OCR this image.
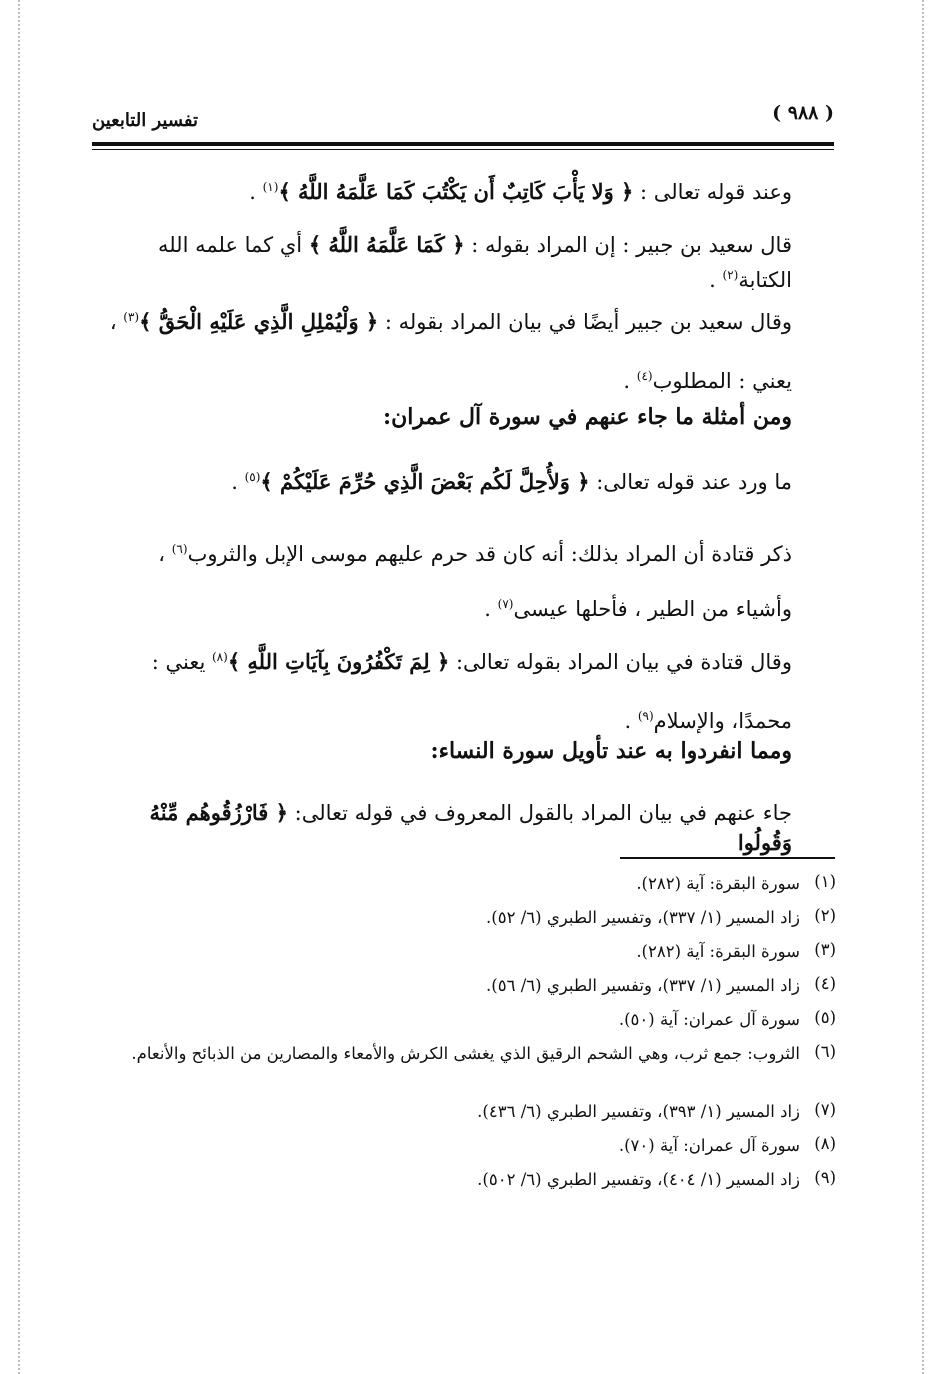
تفسير التابعين	( ٩٨٨ )
وعند قوله تعالى : ﴿ وَلا يَأْبَ كَاتِبٌ أَن يَكْتُبَ كَمَا عَلَّمَهُ اللَّهُ ﴾$^{(١)}$ .
قال سعيد بن جبير : إن المراد بقوله : ﴿ كَمَا عَلَّمَهُ اللَّهُ ﴾ أي كما علمه الله الكتابة$^{(٢)}$ .
وقال سعيد بن جبير أيضًا في بيان المراد بقوله : ﴿ وَلْيُمْلِلِ الَّذِي عَلَيْهِ الْحَقُّ ﴾$^{(٣)}$ ، يعني : المطلوب$^{(٤)}$ .
ومن أمثلة ما جاء عنهم في سورة آل عمران:
ما ورد عند قوله تعالى: ﴿ وَلأُحِلَّ لَكُم بَعْضَ الَّذِي حُرِّمَ عَلَيْكُمْ ﴾$^{(٥)}$ .
ذكر قتادة أن المراد بذلك: أنه كان قد حرم عليهم موسى الإبل والثروب$^{(٦)}$ ، وأشياء من الطير ، فأحلها عيسى$^{(٧)}$ .
وقال قتادة في بيان المراد بقوله تعالى: ﴿ لِمَ تَكْفُرُونَ بِآيَاتِ اللَّهِ ﴾$^{(٨)}$ يعني : محمدًا، والإسلام$^{(٩)}$ .
ومما انفردوا به عند تأويل سورة النساء:
جاء عنهم في بيان المراد بالقول المعروف في قوله تعالى: ﴿ فَارْزُقُوهُم مِّنْهُ وَقُولُوا
(١)
سورة البقرة: آية (٢٨٢).
(٢)
زاد المسير (١/ ٣٣٧)، وتفسير الطبري (٦/ ٥٢).
(٣)
سورة البقرة: آية (٢٨٢).
(٤)
زاد المسير (١/ ٣٣٧)، وتفسير الطبري (٦/ ٥٦).
(٥)
سورة آل عمران: آية (٥٠).
(٦)
الثروب: جمع ثرب، وهي الشحم الرقيق الذي يغشى الكرش والأمعاء والمصارين من الذبائح والأنعام.
(٧)
زاد المسير (١/ ٣٩٣)، وتفسير الطبري (٦/ ٤٣٦).
(٨)
سورة آل عمران: آية (٧٠).
(٩)
زاد المسير (١/ ٤٠٤)، وتفسير الطبري (٦/ ٥٠٢).
